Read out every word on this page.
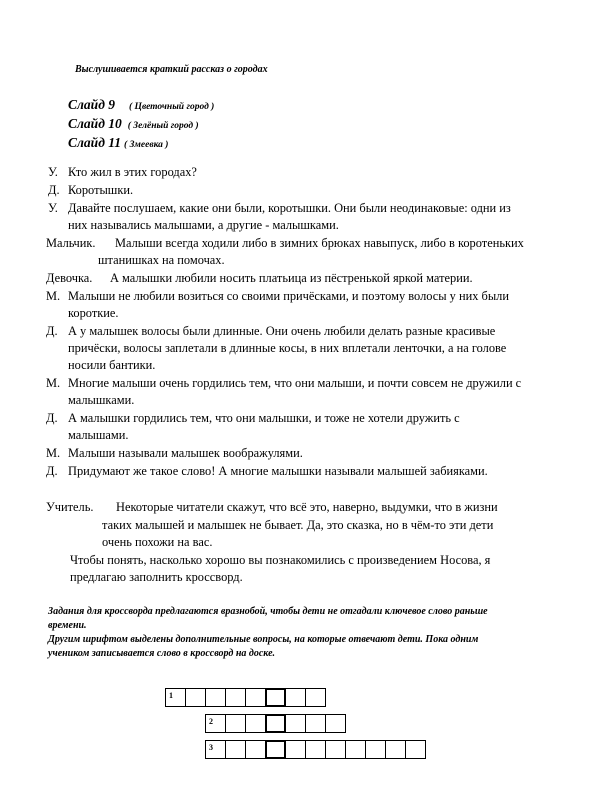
Выслушивается краткий рассказ о городах
Слайд 9 ( Цветочный город )
Слайд 10 ( Зелёный город )
Слайд 11 ( Змеевка )
У. Кто жил в этих городах?
Д. Коротышки.
У. Давайте послушаем, какие они были, коротышки. Они были неодинаковые: одни из
них назывались малышами, а другие - малышками.
Мальчик. Малыши всегда ходили либо в зимних брюках навыпуск, либо в коротеньких
штанишках на помочах.
Девочка. А малышки любили носить платьица из пёстренькой яркой материи.
М. Малыши не любили возиться со своими причёсками, и поэтому волосы у них были
короткие.
Д. А у малышек волосы были длинные. Они очень любили делать разные красивые
причёски, волосы заплетали в длинные косы, в них вплетали ленточки, а на голове
носили бантики.
М. Многие малыши очень гордились тем, что они малыши, и почти совсем не дружили с
малышками.
Д. А малышки гордились тем, что они малышки, и тоже не хотели дружить с
малышами.
М. Малыши называли малышек воображулями.
Д. Придумают же такое слово! А многие малышки называли малышей забияками.
Учитель. Некоторые читатели скажут, что всё это, наверно, выдумки, что в жизни
таких малышей и малышек не бывает. Да, это сказка, но в чём-то эти дети
очень похожи на вас.
Чтобы понять, насколько хорошо вы познакомились с произведением Носова, я
предлагаю заполнить кроссворд.
Задания для кроссворда предлагаются вразнобой, чтобы дети не отгадали ключевое слово раньше
времени.
Другим шрифтом выделены дополнительные вопросы, на которые отвечают дети. Пока одним
учеником записывается слово в кроссворд на доске.
1
2
3
